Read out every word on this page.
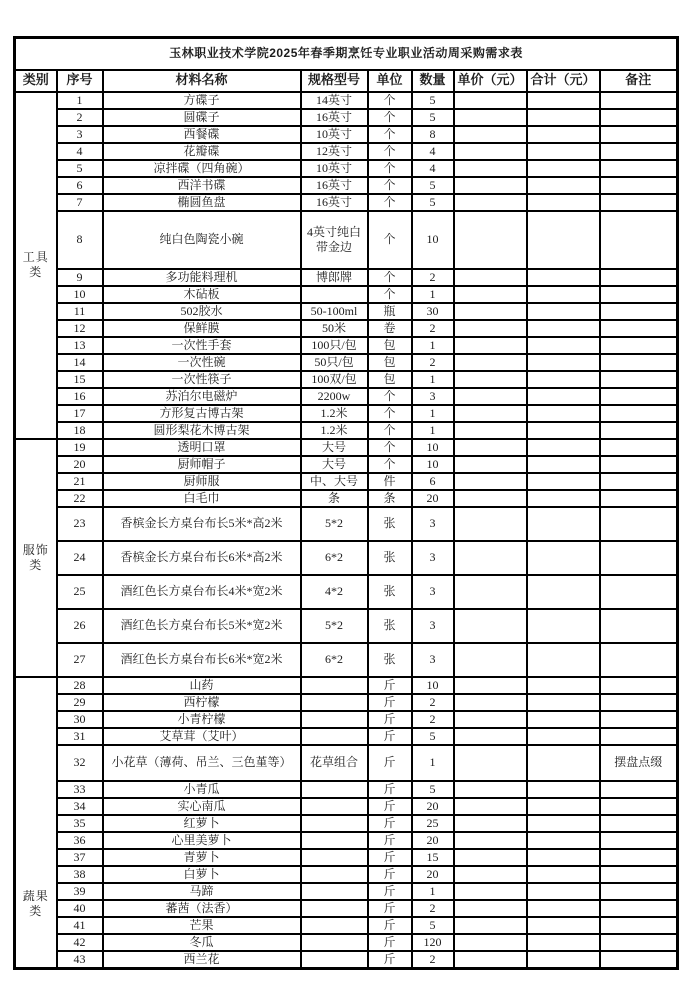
玉林职业技术学院2025年春季期烹饪专业职业活动周采购需求表								
类别	序号	材料名称	规格型号	单位	数量	单价（元）	合计（元）	备注
工具类	1	方碟子	14英寸	个	5			
	2	圆碟子	16英寸	个	5			
	3	西餐碟	10英寸	个	8			
	4	花瓣碟	12英寸	个	4			
	5	凉拌碟（四角碗）	10英寸	个	4			
	6	西洋书碟	16英寸	个	5			
	7	椭圆鱼盘	16英寸	个	5			
	8	纯白色陶瓷小碗	4英寸纯白带金边	个	10			
	9	多功能料理机	博郎牌	个	2			
	10	木砧板		个	1			
	11	502胶水	50-100ml	瓶	30			
	12	保鲜膜	50米	卷	2			
	13	一次性手套	100只/包	包	1			
	14	一次性碗	50只/包	包	2			
	15	一次性筷子	100双/包	包	1			
	16	苏泊尔电磁炉	2200w	个	3			
	17	方形复古博古架	1.2米	个	1			
	18	圆形梨花木博古架	1.2米	个	1			
服饰类	19	透明口罩	大号	个	10			
	20	厨师帽子	大号	个	10			
	21	厨师服	中、大号	件	6			
	22	白毛巾	条	条	20			
	23	香槟金长方桌台布长5米*高2米	5*2	张	3			
	24	香槟金长方桌台布长6米*高2米	6*2	张	3			
	25	酒红色长方桌台布长4米*宽2米	4*2	张	3			
	26	酒红色长方桌台布长5米*宽2米	5*2	张	3			
	27	酒红色长方桌台布长6米*宽2米	6*2	张	3			
蔬果类	28	山药		斤	10			
	29	西柠檬		斤	2			
	30	小青柠檬		斤	2			
	31	艾草茸（艾叶）		斤	5			
	32	小花草（薄荷、吊兰、三色堇等）	花草组合	斤	1			摆盘点缀
	33	小青瓜		斤	5			
	34	实心南瓜		斤	20			
	35	红萝卜		斤	25			
	36	心里美萝卜		斤	20			
	37	青萝卜		斤	15			
	38	白萝卜		斤	20			
	39	马蹄		斤	1			
	40	蕃茜（法香）		斤	2			
	41	芒果		斤	5			
	42	冬瓜		斤	120			
	43	西兰花		斤	2			
